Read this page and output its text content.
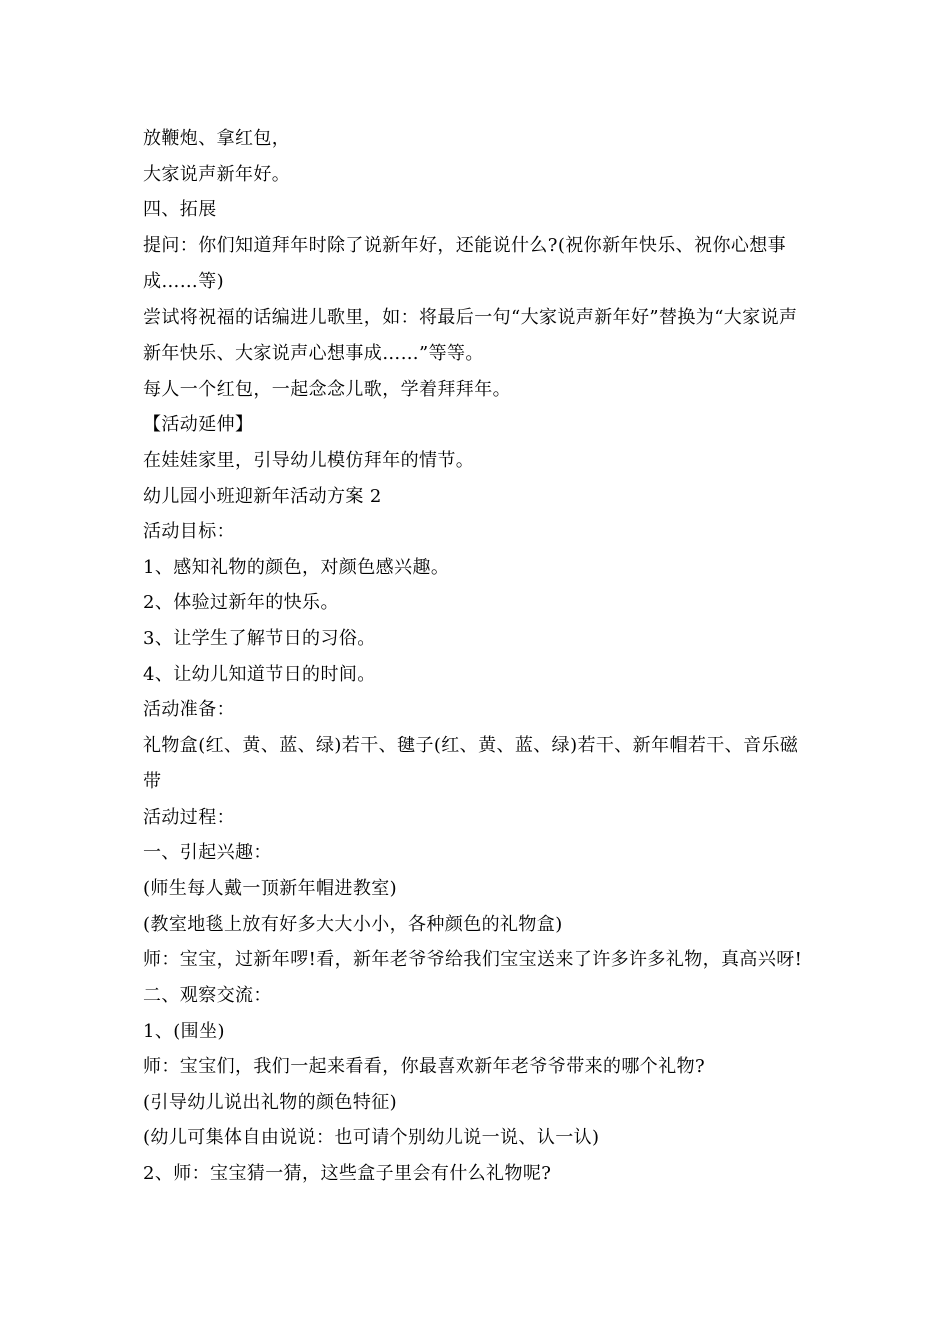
放鞭炮、拿红包，

大家说声新年好。

四、拓展

提问：你们知道拜年时除了说新年好，还能说什么?(祝你新年快乐、祝你心想事成……等)

尝试将祝福的话编进儿歌里，如：将最后一句“大家说声新年好”替换为“大家说声新年快乐、大家说声心想事成……”等等。

每人一个红包，一起念念儿歌，学着拜拜年。

【活动延伸】

在娃娃家里，引导幼儿模仿拜年的情节。

幼儿园小班迎新年活动方案 2

活动目标：

1、感知礼物的颜色，对颜色感兴趣。

2、体验过新年的快乐。

3、让学生了解节日的习俗。

4、让幼儿知道节日的时间。

活动准备：

礼物盒(红、黄、蓝、绿)若干、毽子(红、黄、蓝、绿)若干、新年帽若干、音乐磁带

活动过程：

一、引起兴趣：

(师生每人戴一顶新年帽进教室)

(教室地毯上放有好多大大小小，各种颜色的礼物盒)

师：宝宝，过新年啰!看，新年老爷爷给我们宝宝送来了许多许多礼物，真高兴呀!

二、观察交流：

1、(围坐)

师：宝宝们，我们一起来看看，你最喜欢新年老爷爷带来的哪个礼物?

(引导幼儿说出礼物的颜色特征)

(幼儿可集体自由说说：也可请个别幼儿说一说、认一认)

2、师：宝宝猜一猜，这些盒子里会有什么礼物呢?
